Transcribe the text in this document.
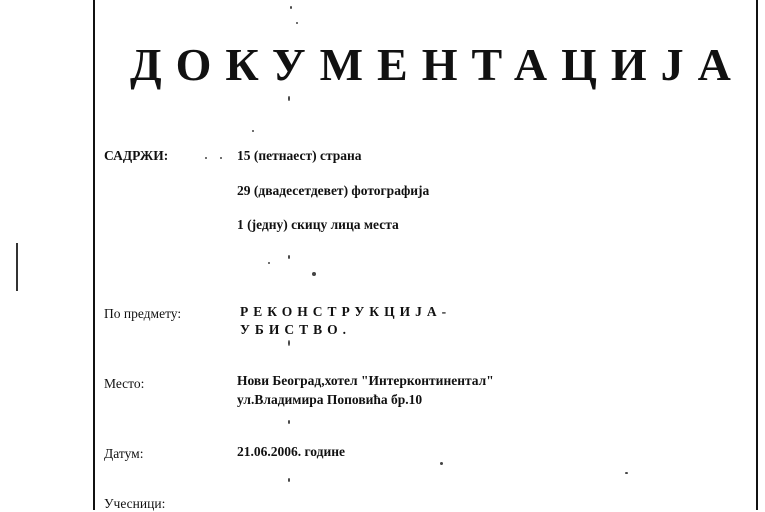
ДОКУМЕНТАЦИЈА
САДРЖИ:	15 (петнаест) страна
29 (двадесетдевет) фотографија
1 (једну) скицу лица места
По предмету:	РЕКОНСТРУКЦИЈА-
УБИСТВО.
Место:	Нови Београд,хотел "Интерконтинентал"
ул.Владимира Поповића бр.10
Датум:	21.06.2006. године
Учесници:
